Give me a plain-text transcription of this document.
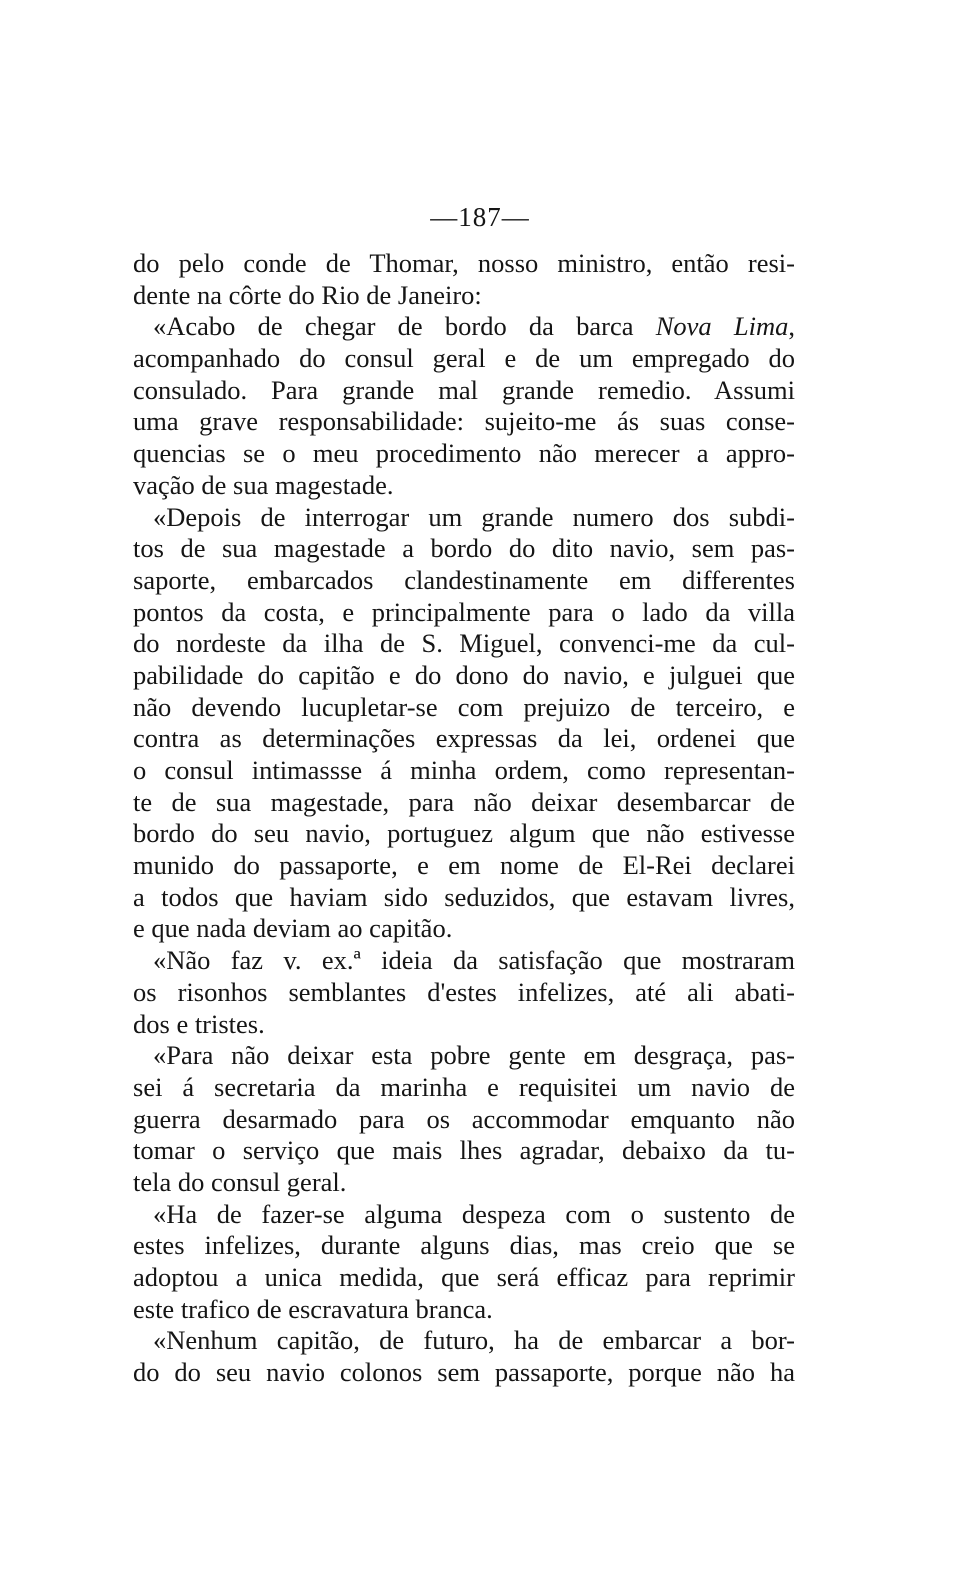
—187—
do pelo conde de Thomar, nosso ministro, então resi-
dente na côrte do Rio de Janeiro:
«Acabo de chegar de bordo da barca Nova Lima,
acompanhado do consul geral e de um empregado do
consulado. Para grande mal grande remedio. Assumi
uma grave responsabilidade: sujeito-me ás suas conse-
quencias se o meu procedimento não merecer a appro-
vação de sua magestade.
«Depois de interrogar um grande numero dos subdi-
tos de sua magestade a bordo do dito navio, sem pas-
saporte, embarcados clandestinamente em differentes
pontos da costa, e principalmente para o lado da villa
do nordeste da ilha de S. Miguel, convenci-me da cul-
pabilidade do capitão e do dono do navio, e julguei que
não devendo lucupletar-se com prejuizo de terceiro, e
contra as determinações expressas da lei, ordenei que
o consul intimassse á minha ordem, como representan-
te de sua magestade, para não deixar desembarcar de
bordo do seu navio, portuguez algum que não estivesse
munido do passaporte, e em nome de El-Rei declarei
a todos que haviam sido seduzidos, que estavam livres,
e que nada deviam ao capitão.
«Não faz v. ex.ª ideia da satisfação que mostraram
os risonhos semblantes d'estes infelizes, até ali abati-
dos e tristes.
«Para não deixar esta pobre gente em desgraça, pas-
sei á secretaria da marinha e requisitei um navio de
guerra desarmado para os accommodar emquanto não
tomar o serviço que mais lhes agradar, debaixo da tu-
tela do consul geral.
«Ha de fazer-se alguma despeza com o sustento de
estes infelizes, durante alguns dias, mas creio que se
adoptou a unica medida, que será efficaz para reprimir
este trafico de escravatura branca.
«Nenhum capitão, de futuro, ha de embarcar a bor-
do do seu navio colonos sem passaporte, porque não ha
